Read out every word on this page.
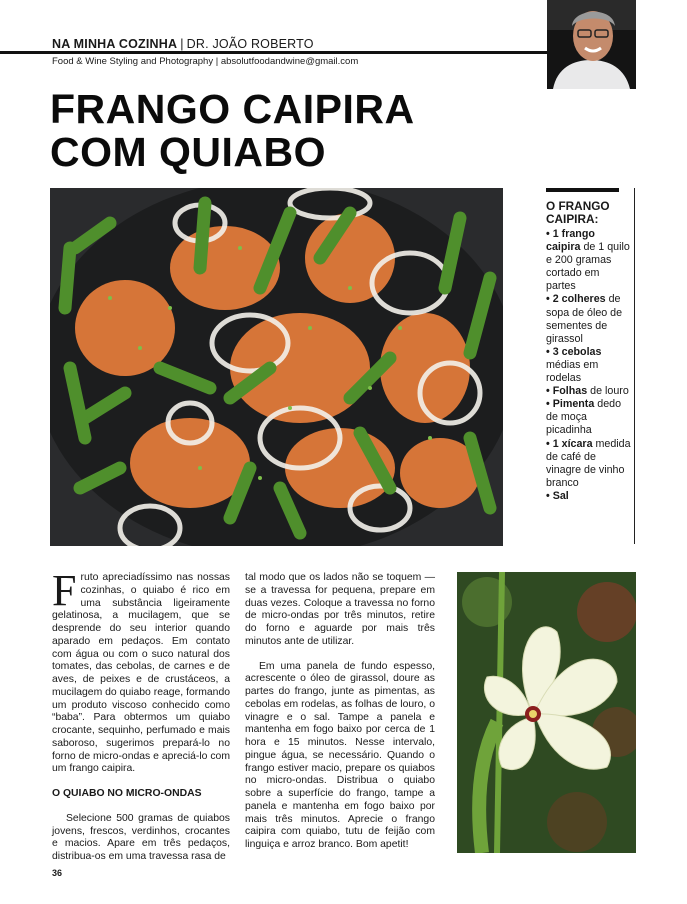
NA MINHA COZINHA | DR. JOÃO ROBERTO
Food & Wine Styling and Photography | absolutfoodandwine@gmail.com
FRANGO CAIPIRA
COM QUIABO
O FRANGO
CAIPIRA:
• 1 frango caipira de 1 quilo e 200 gramas cortado em partes
• 2 colheres de sopa de óleo de sementes de girassol
• 3 cebolas médias em rodelas
• Folhas de louro
• Pimenta dedo de moça picadinha
• 1 xícara medida de café de vinagre de vinho branco
• Sal

Fruto apreciadíssimo nas nossas cozinhas, o quiabo é rico em uma substância ligeiramente gelatinosa, a mucilagem, que se desprende do seu interior quando aparado em pedaços. Em contato com água ou com o suco natural dos tomates, das cebolas, de carnes e de aves, de peixes e de crustáceos, a mucilagem do quiabo reage, formando um produto viscoso conhecido como “baba”. Para obtermos um quiabo crocante, sequinho, perfumado e mais saboroso, sugerimos prepará-lo no forno de micro-ondas e apreciá-lo com um frango caipira.

O QUIABO NO MICRO-ONDAS

Selecione 500 gramas de quiabos jovens, frescos, verdinhos, crocantes e macios. Apare em três pedaços, distribua-os em uma travessa rasa de

tal modo que os lados não se toquem — se a travessa for pequena, prepare em duas vezes. Coloque a travessa no forno de micro-ondas por três minutos, retire do forno e aguarde por mais três minutos ante de utilizar.

Em uma panela de fundo espesso, acrescente o óleo de girassol, doure as partes do frango, junte as pimentas, as cebolas em rodelas, as folhas de louro, o vinagre e o sal. Tampe a panela e mantenha em fogo baixo por cerca de 1 hora e 15 minutos. Nesse intervalo, pingue água, se necessário. Quando o frango estiver macio, prepare os quiabos no micro-ondas. Distribua o quiabo sobre a superfície do frango, tampe a panela e mantenha em fogo baixo por mais três minutos. Aprecie o frango caipira com quiabo, tutu de feijão com linguiça e arroz branco. Bom apetit!

36
